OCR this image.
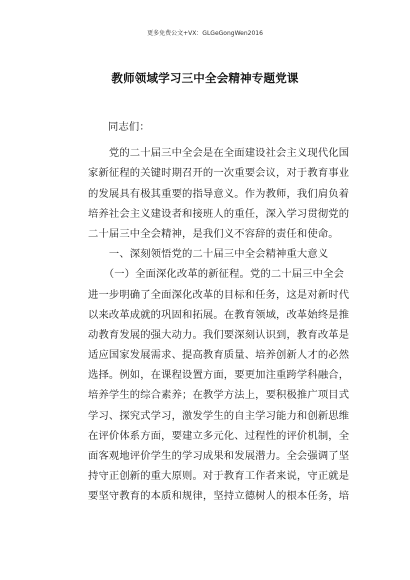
更多免费公文+VX：GLGeGongWen2016
教师领域学习三中全会精神专题党课
同志们：
　　党的二十届三中全会是在全面建设社会主义现代化国
家新征程的关键时期召开的一次重要会议，对于教育事业
的发展具有极其重要的指导意义。作为教师，我们肩负着
培养社会主义建设者和接班人的重任，深入学习贯彻党的
二十届三中全会精神，是我们义不容辞的责任和使命。
　　一、深刻领悟党的二十届三中全会精神重大意义
　　（一）全面深化改革的新征程。党的二十届三中全会
进一步明确了全面深化改革的目标和任务，这是对新时代
以来改革成就的巩固和拓展。在教育领域，改革始终是推
动教育发展的强大动力。我们要深刻认识到，教育改革是
适应国家发展需求、提高教育质量、培养创新人才的必然
选择。例如，在课程设置方面，要更加注重跨学科融合，
培养学生的综合素养；在教学方法上，要积极推广项目式
学习、探究式学习，激发学生的自主学习能力和创新思维
在评价体系方面，要建立多元化、过程性的评价机制，全
面客观地评价学生的学习成果和发展潜力。全会强调了坚
持守正创新的重大原则。对于教育工作者来说，守正就是
要坚守教育的本质和规律，坚持立德树人的根本任务，培
